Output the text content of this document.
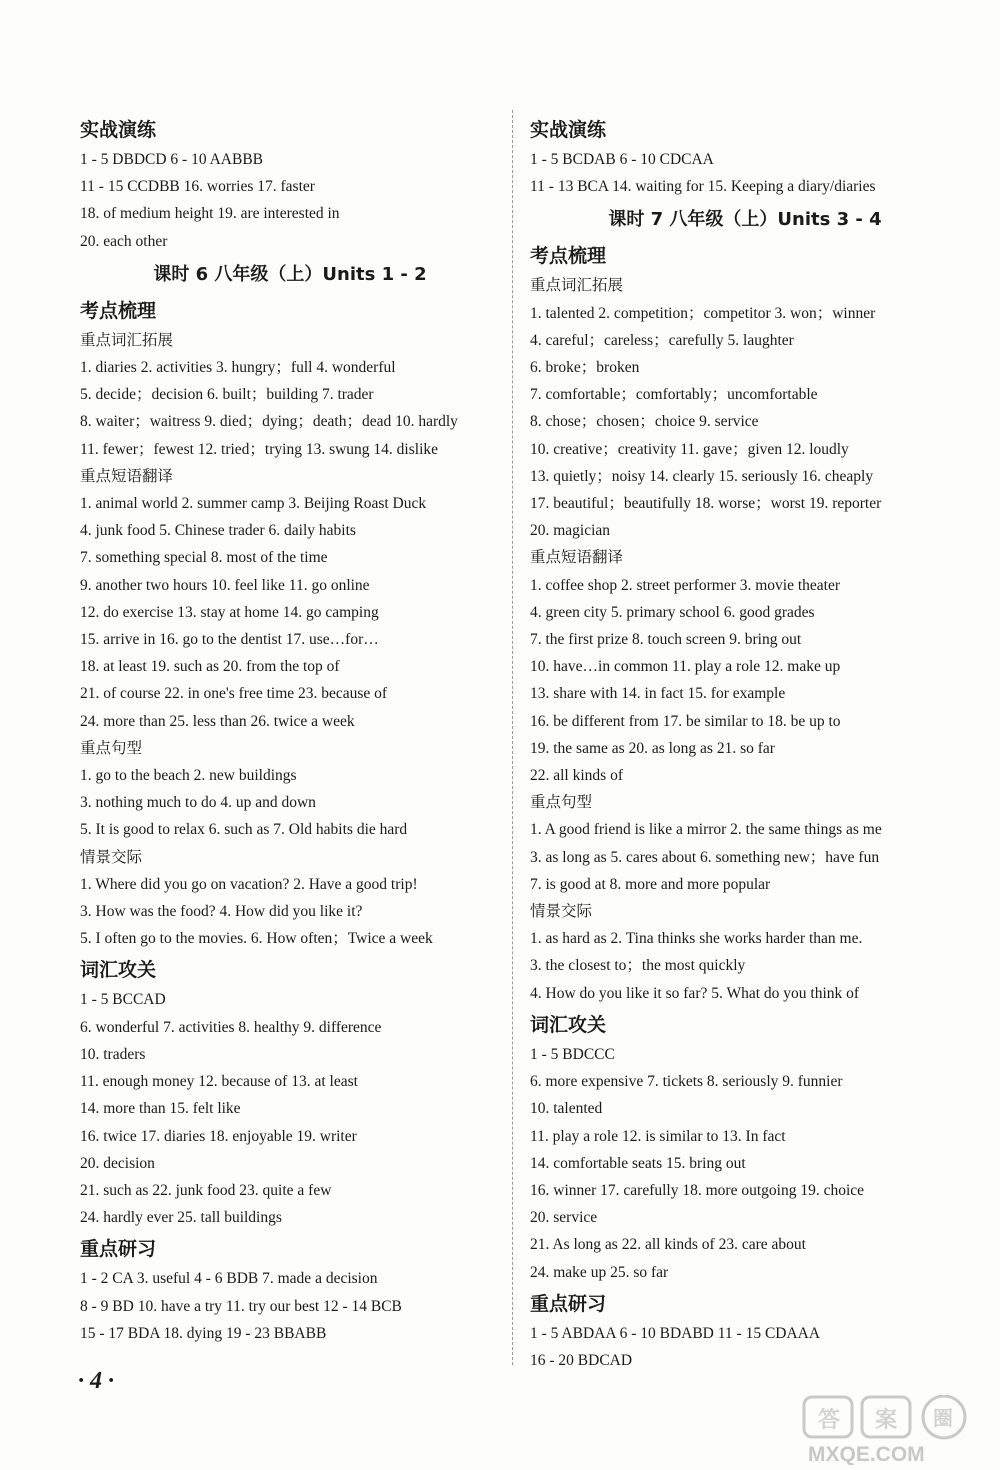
实战演练
1 - 5 DBDCD 6 - 10 AABBB
11 - 15 CCDBB 16. worries 17. faster
18. of medium height 19. are interested in
20. each other
课时 6 八年级（上）Units 1 - 2
考点梳理
重点词汇拓展
1. diaries 2. activities 3. hungry；full 4. wonderful
5. decide；decision 6. built；building 7. trader
8. waiter；waitress 9. died；dying；death；dead 10. hardly
11. fewer；fewest 12. tried；trying 13. swung 14. dislike
重点短语翻译
1. animal world 2. summer camp 3. Beijing Roast Duck
4. junk food 5. Chinese trader 6. daily habits
7. something special 8. most of the time
9. another two hours 10. feel like 11. go online
12. do exercise 13. stay at home 14. go camping
15. arrive in 16. go to the dentist 17. use…for…
18. at least 19. such as 20. from the top of
21. of course 22. in one's free time 23. because of
24. more than 25. less than 26. twice a week
重点句型
1. go to the beach 2. new buildings
3. nothing much to do 4. up and down
5. It is good to relax 6. such as 7. Old habits die hard
情景交际
1. Where did you go on vacation? 2. Have a good trip!
3. How was the food? 4. How did you like it?
5. I often go to the movies. 6. How often；Twice a week
词汇攻关
1 - 5 BCCAD
6. wonderful 7. activities 8. healthy 9. difference
10. traders
11. enough money 12. because of 13. at least
14. more than 15. felt like
16. twice 17. diaries 18. enjoyable 19. writer
20. decision
21. such as 22. junk food 23. quite a few
24. hardly ever 25. tall buildings
重点研习
1 - 2 CA 3. useful 4 - 6 BDB 7. made a decision
8 - 9 BD 10. have a try 11. try our best 12 - 14 BCB
15 - 17 BDA 18. dying 19 - 23 BBABB
实战演练
1 - 5 BCDAB 6 - 10 CDCAA
11 - 13 BCA 14. waiting for 15. Keeping a diary/diaries
课时 7 八年级（上）Units 3 - 4
考点梳理
重点词汇拓展
1. talented 2. competition；competitor 3. won；winner
4. careful；careless；carefully 5. laughter
6. broke；broken
7. comfortable；comfortably；uncomfortable
8. chose；chosen；choice 9. service
10. creative；creativity 11. gave；given 12. loudly
13. quietly；noisy 14. clearly 15. seriously 16. cheaply
17. beautiful；beautifully 18. worse；worst 19. reporter
20. magician
重点短语翻译
1. coffee shop 2. street performer 3. movie theater
4. green city 5. primary school 6. good grades
7. the first prize 8. touch screen 9. bring out
10. have…in common 11. play a role 12. make up
13. share with 14. in fact 15. for example
16. be different from 17. be similar to 18. be up to
19. the same as 20. as long as 21. so far
22. all kinds of
重点句型
1. A good friend is like a mirror 2. the same things as me
3. as long as 5. cares about 6. something new；have fun
7. is good at 8. more and more popular
情景交际
1. as hard as 2. Tina thinks she works harder than me.
3. the closest to；the most quickly
4. How do you like it so far? 5. What do you think of
词汇攻关
1 - 5 BDCCC
6. more expensive 7. tickets 8. seriously 9. funnier
10. talented
11. play a role 12. is similar to 13. In fact
14. comfortable seats 15. bring out
16. winner 17. carefully 18. more outgoing 19. choice
20. service
21. As long as 22. all kinds of 23. care about
24. make up 25. so far
重点研习
1 - 5 ABDAA 6 - 10 BDABD 11 - 15 CDAAA
16 - 20 BDCAD
· 4 ·
答 案 圈
MXQE.COM
